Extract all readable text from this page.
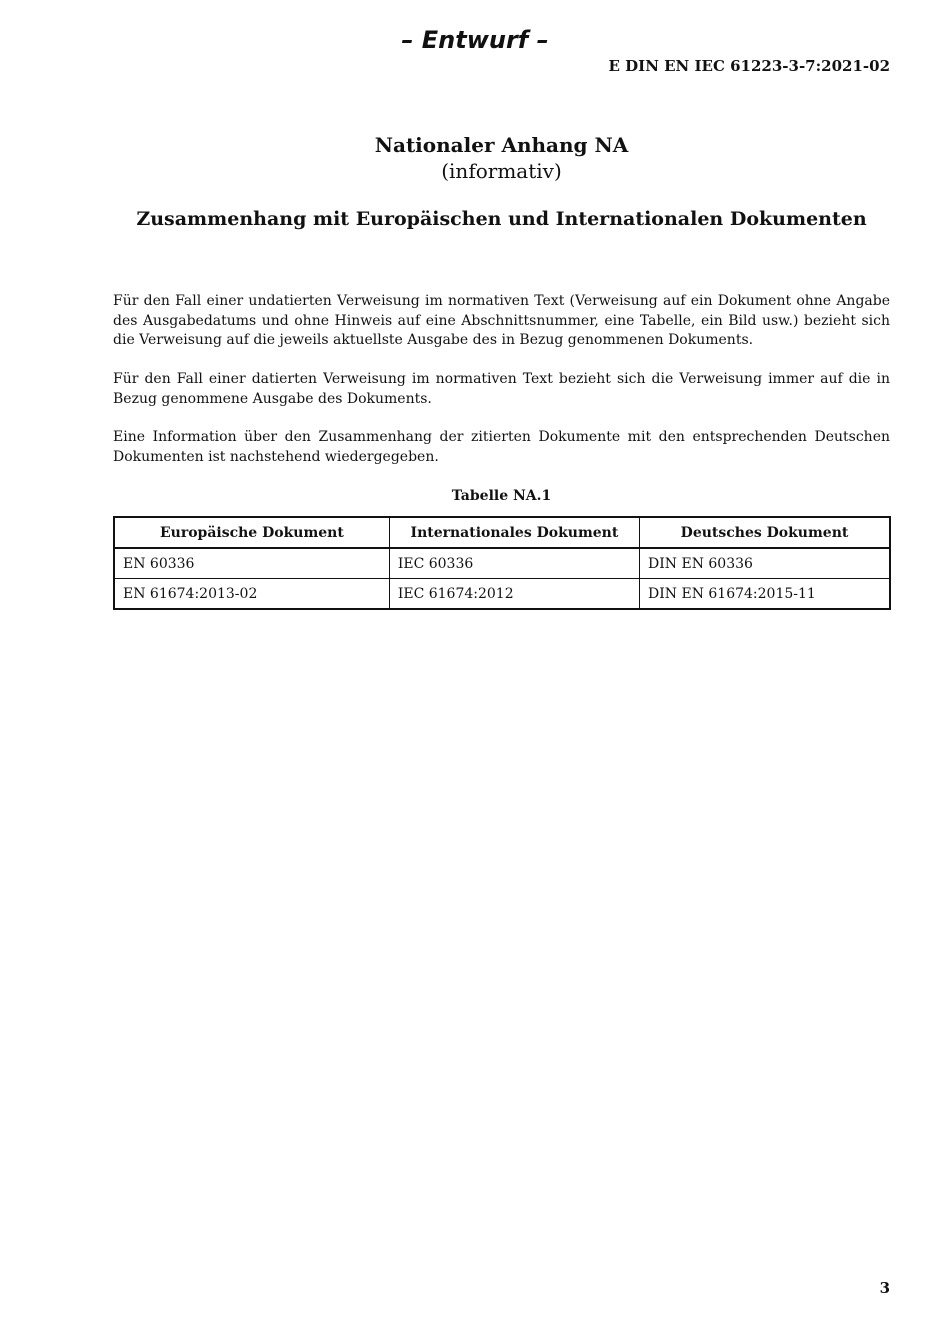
– Entwurf –
E DIN EN IEC 61223-3-7:2021-02
Nationaler Anhang NA
(informativ)
Zusammenhang mit Europäischen und Internationalen Dokumenten

Für den Fall einer undatierten Verweisung im normativen Text (Verweisung auf ein Dokument ohne Angabe des Ausgabedatums und ohne Hinweis auf eine Abschnittsnummer, eine Tabelle, ein Bild usw.) bezieht sich die Verweisung auf die jeweils aktuellste Ausgabe des in Bezug genommenen Dokuments.

Für den Fall einer datierten Verweisung im normativen Text bezieht sich die Verweisung immer auf die in Bezug genommene Ausgabe des Dokuments.

Eine Information über den Zusammenhang der zitierten Dokumente mit den entsprechenden Deutschen Dokumenten ist nachstehend wiedergegeben.

Tabelle NA.1
Europäische Dokument	Internationales Dokument	Deutsches Dokument
EN 60336	IEC 60336	DIN EN 60336
EN 61674:2013-02	IEC 61674:2012	DIN EN 61674:2015-11
3
